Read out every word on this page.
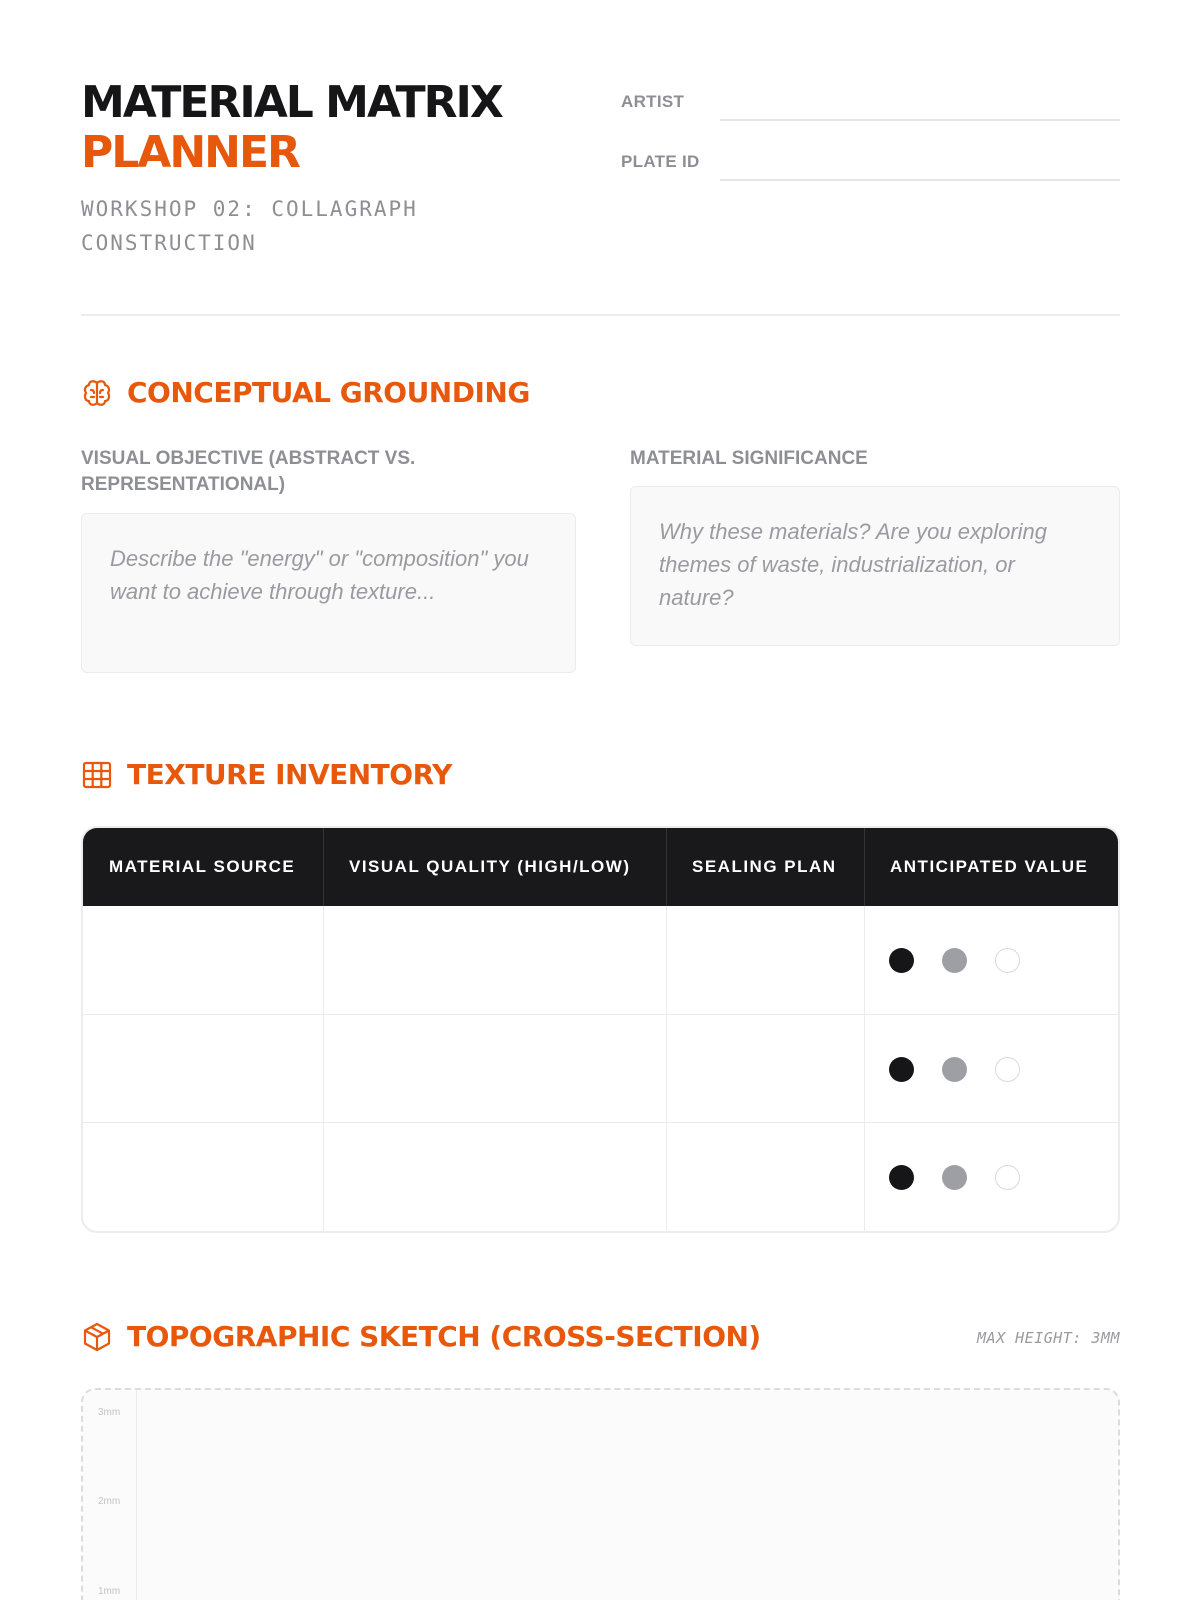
MATERIAL MATRIX
PLANNER
WORKSHOP 02: COLLAGRAPH CONSTRUCTION
ARTIST
PLATE ID
CONCEPTUAL GROUNDING
VISUAL OBJECTIVE (ABSTRACT VS. REPRESENTATIONAL)
Describe the "energy" or "composition" you want to achieve through texture...
MATERIAL SIGNIFICANCE
Why these materials? Are you exploring themes of waste, industrialization, or nature?
TEXTURE INVENTORY
MATERIAL SOURCE	VISUAL QUALITY (HIGH/LOW)	SEALING PLAN	ANTICIPATED VALUE
TOPOGRAPHIC SKETCH (CROSS-SECTION)	MAX HEIGHT: 3MM
3mm
2mm
1mm
